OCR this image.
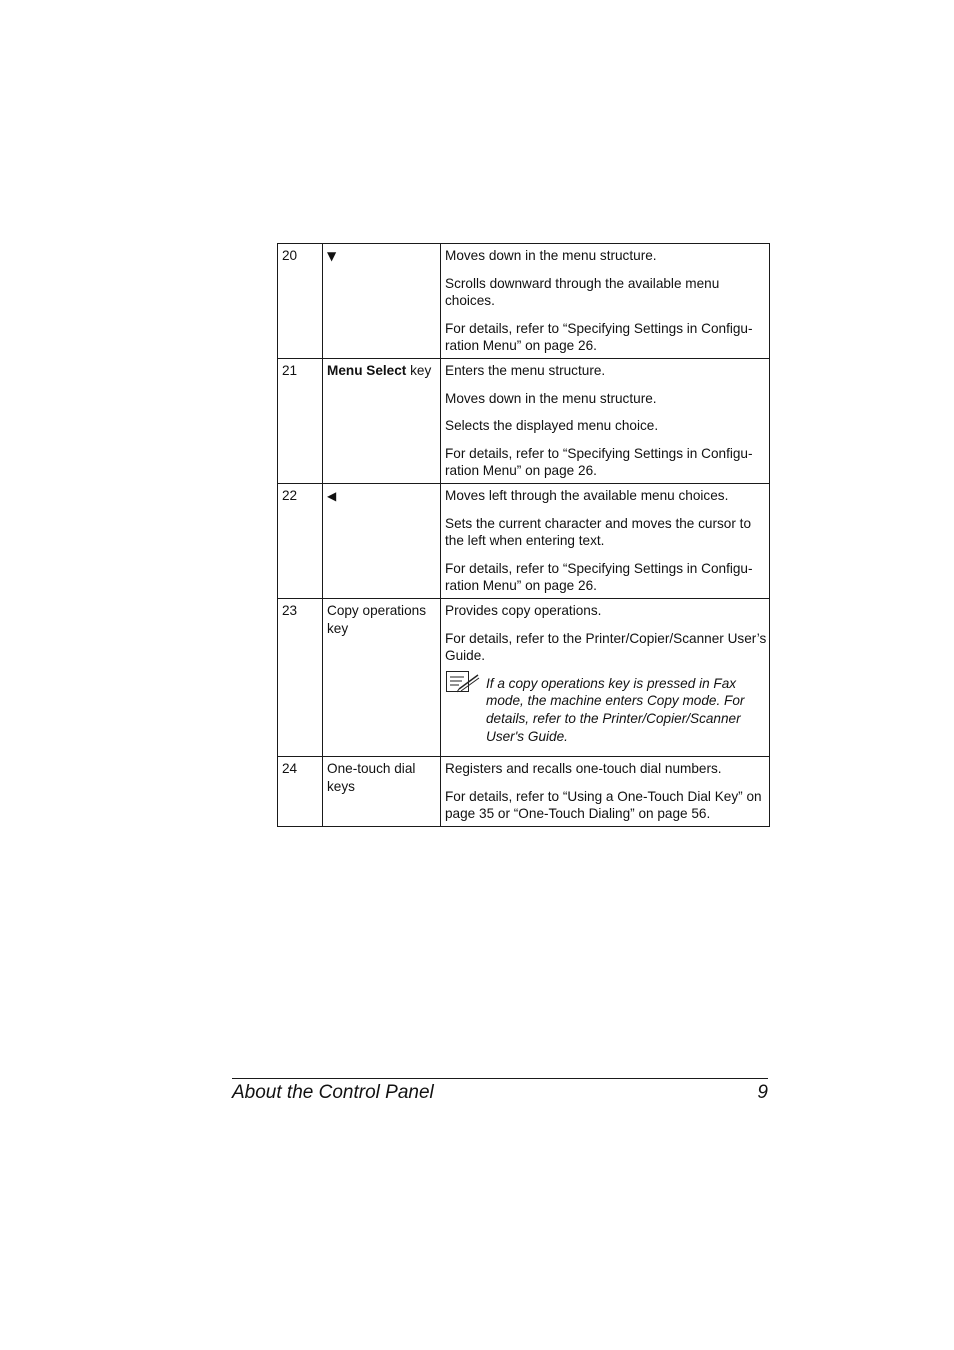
20	▼	Moves down in the menu structure.

Scrolls downward through the available menu choices.

For details, refer to “Specifying Settings in Configu-ration Menu” on page 26.

21	Menu Select key	Enters the menu structure.

Moves down in the menu structure.

Selects the displayed menu choice.

For details, refer to “Specifying Settings in Configu-ration Menu” on page 26.

22	◀	Moves left through the available menu choices.

Sets the current character and moves the cursor to the left when entering text.

For details, refer to “Specifying Settings in Configu-ration Menu” on page 26.

23	Copy operations key	Provides copy operations.

For details, refer to the Printer/Copier/Scanner User’s Guide.

If a copy operations key is pressed in Fax mode, the machine enters Copy mode. For details, refer to the Printer/Copier/Scanner User's Guide.

24	One-touch dial keys	Registers and recalls one-touch dial numbers.

For details, refer to “Using a One-Touch Dial Key” on page 35 or “One-Touch Dialing” on page 56.

About the Control Panel	9
